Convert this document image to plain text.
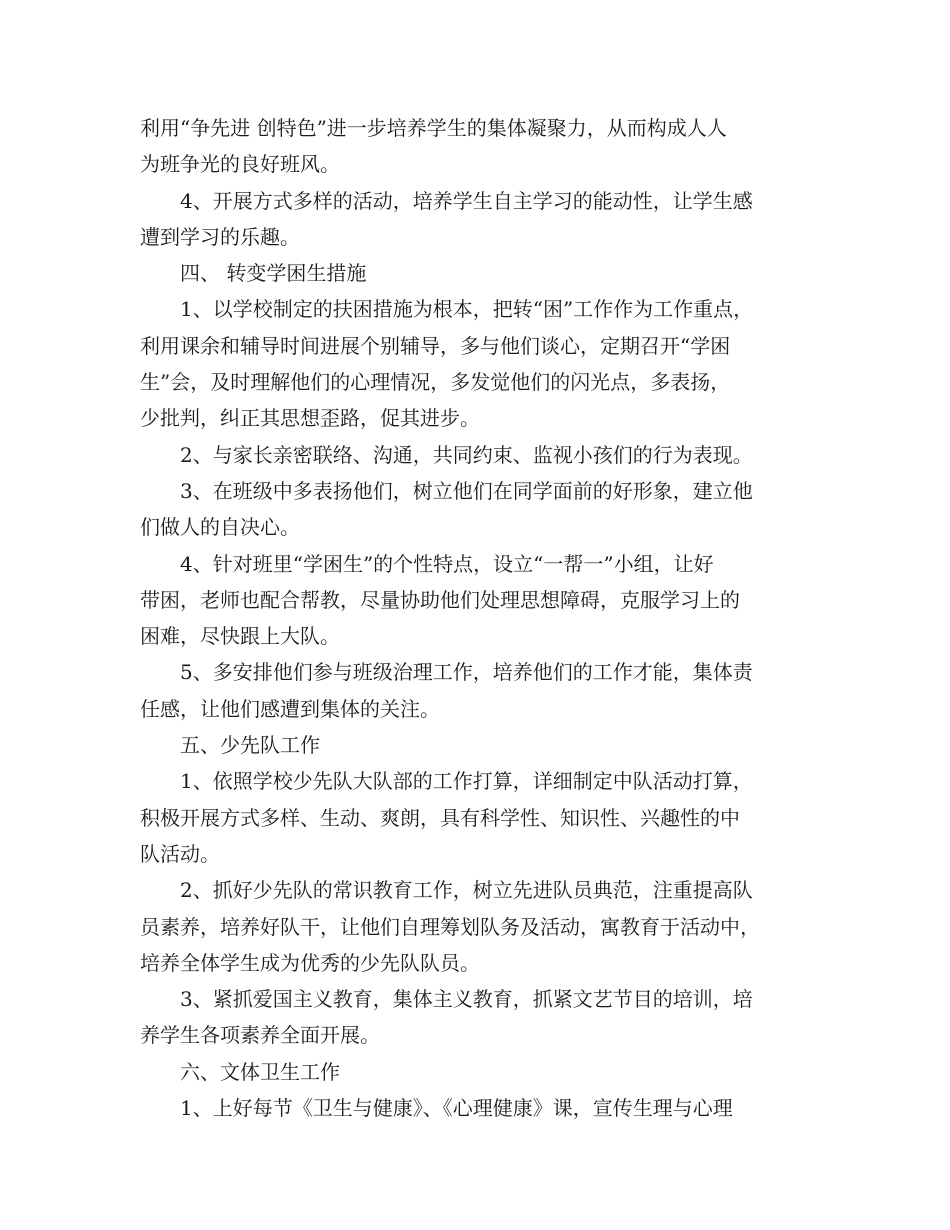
利用“争先进 创特色”进一步培养学生的集体凝聚力，从而构成人人
为班争光的良好班风。
4、开展方式多样的活动，培养学生自主学习的能动性，让学生感
遭到学习的乐趣。
四、 转变学困生措施
1、以学校制定的扶困措施为根本，把转“困”工作作为工作重点，
利用课余和辅导时间进展个别辅导，多与他们谈心，定期召开“学困
生”会，及时理解他们的心理情况，多发觉他们的闪光点，多表扬，
少批判，纠正其思想歪路，促其进步。
2、与家长亲密联络、沟通，共同约束、监视小孩们的行为表现。
3、在班级中多表扬他们，树立他们在同学面前的好形象，建立他
们做人的自决心。
4、针对班里“学困生”的个性特点，设立“一帮一”小组，让好
带困，老师也配合帮教，尽量协助他们处理思想障碍，克服学习上的
困难，尽快跟上大队。
5、多安排他们参与班级治理工作，培养他们的工作才能，集体责
任感，让他们感遭到集体的关注。
五、少先队工作
1、依照学校少先队大队部的工作打算，详细制定中队活动打算，
积极开展方式多样、生动、爽朗，具有科学性、知识性、兴趣性的中
队活动。
2、抓好少先队的常识教育工作，树立先进队员典范，注重提高队
员素养，培养好队干，让他们自理筹划队务及活动，寓教育于活动中，
培养全体学生成为优秀的少先队队员。
3、紧抓爱国主义教育，集体主义教育，抓紧文艺节目的培训，培
养学生各项素养全面开展。
六、文体卫生工作
1、上好每节《卫生与健康》、《心理健康》课，宣传生理与心理
